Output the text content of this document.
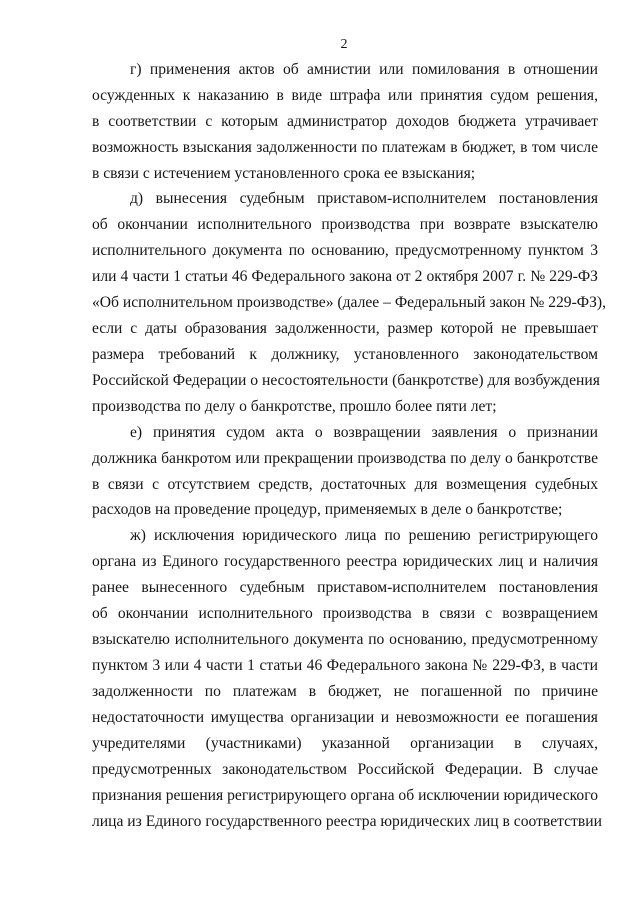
2
г) применения актов об амнистии или помилования в отношении
осужденных к наказанию в виде штрафа или принятия судом решения,
в соответствии с которым администратор доходов бюджета утрачивает
возможность взыскания задолженности по платежам в бюджет, в том числе
в связи с истечением установленного срока ее взыскания;
д) вынесения судебным приставом-исполнителем постановления
об окончании исполнительного производства при возврате взыскателю
исполнительного документа по основанию, предусмотренному пунктом 3
или 4 части 1 статьи 46 Федерального закона от 2 октября 2007 г. № 229-ФЗ
«Об исполнительном производстве» (далее – Федеральный закон № 229-ФЗ),
если с даты образования задолженности, размер которой не превышает
размера требований к должнику, установленного законодательством
Российской Федерации о несостоятельности (банкротстве) для возбуждения
производства по делу о банкротстве, прошло более пяти лет;
е) принятия судом акта о возвращении заявления о признании
должника банкротом или прекращении производства по делу о банкротстве
в связи с отсутствием средств, достаточных для возмещения судебных
расходов на проведение процедур, применяемых в деле о банкротстве;
ж) исключения юридического лица по решению регистрирующего
органа из Единого государственного реестра юридических лиц и наличия
ранее вынесенного судебным приставом-исполнителем постановления
об окончании исполнительного производства в связи с возвращением
взыскателю исполнительного документа по основанию, предусмотренному
пунктом 3 или 4 части 1 статьи 46 Федерального закона № 229-ФЗ, в части
задолженности по платежам в бюджет, не погашенной по причине
недостаточности имущества организации и невозможности ее погашения
учредителями (участниками) указанной организации в случаях,
предусмотренных законодательством Российской Федерации. В случае
признания решения регистрирующего органа об исключении юридического
лица из Единого государственного реестра юридических лиц в соответствии
